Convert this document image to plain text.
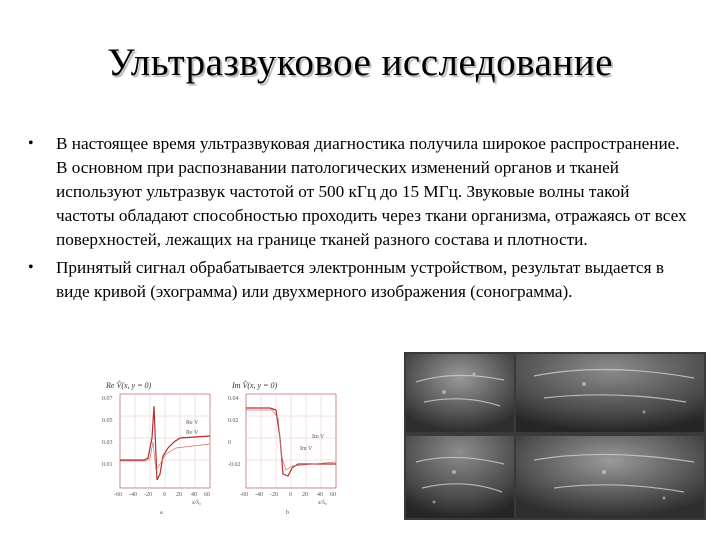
Ультразвуковое исследование
• В настоящее время ультразвуковая диагностика получила широкое распространение. В основном при распознавании патологических изменений органов и тканей используют ультразвук частотой от 500 кГц до 15 МГц. Звуковые волны такой частоты обладают способностью проходить через ткани организма, отражаясь от всех поверхностей, лежащих на границе тканей разного состава и плотности.
• Принятый сигнал обрабатывается электронным устройством, результат выдается в виде кривой (эхограмма) или двухмерного изображения (сонограмма).
Re V̂(x, y = 0)
0.07
0.05
0.03
0.01
-60 -40 -20 0 20 40 60
x/λ₀
Re V
Re V
a
Im V̂(x, y = 0)
0.04
0.02
0
-0.02
-60 -40 -20 0 20 40 60
x/λ₀
Im V
Im V
b
